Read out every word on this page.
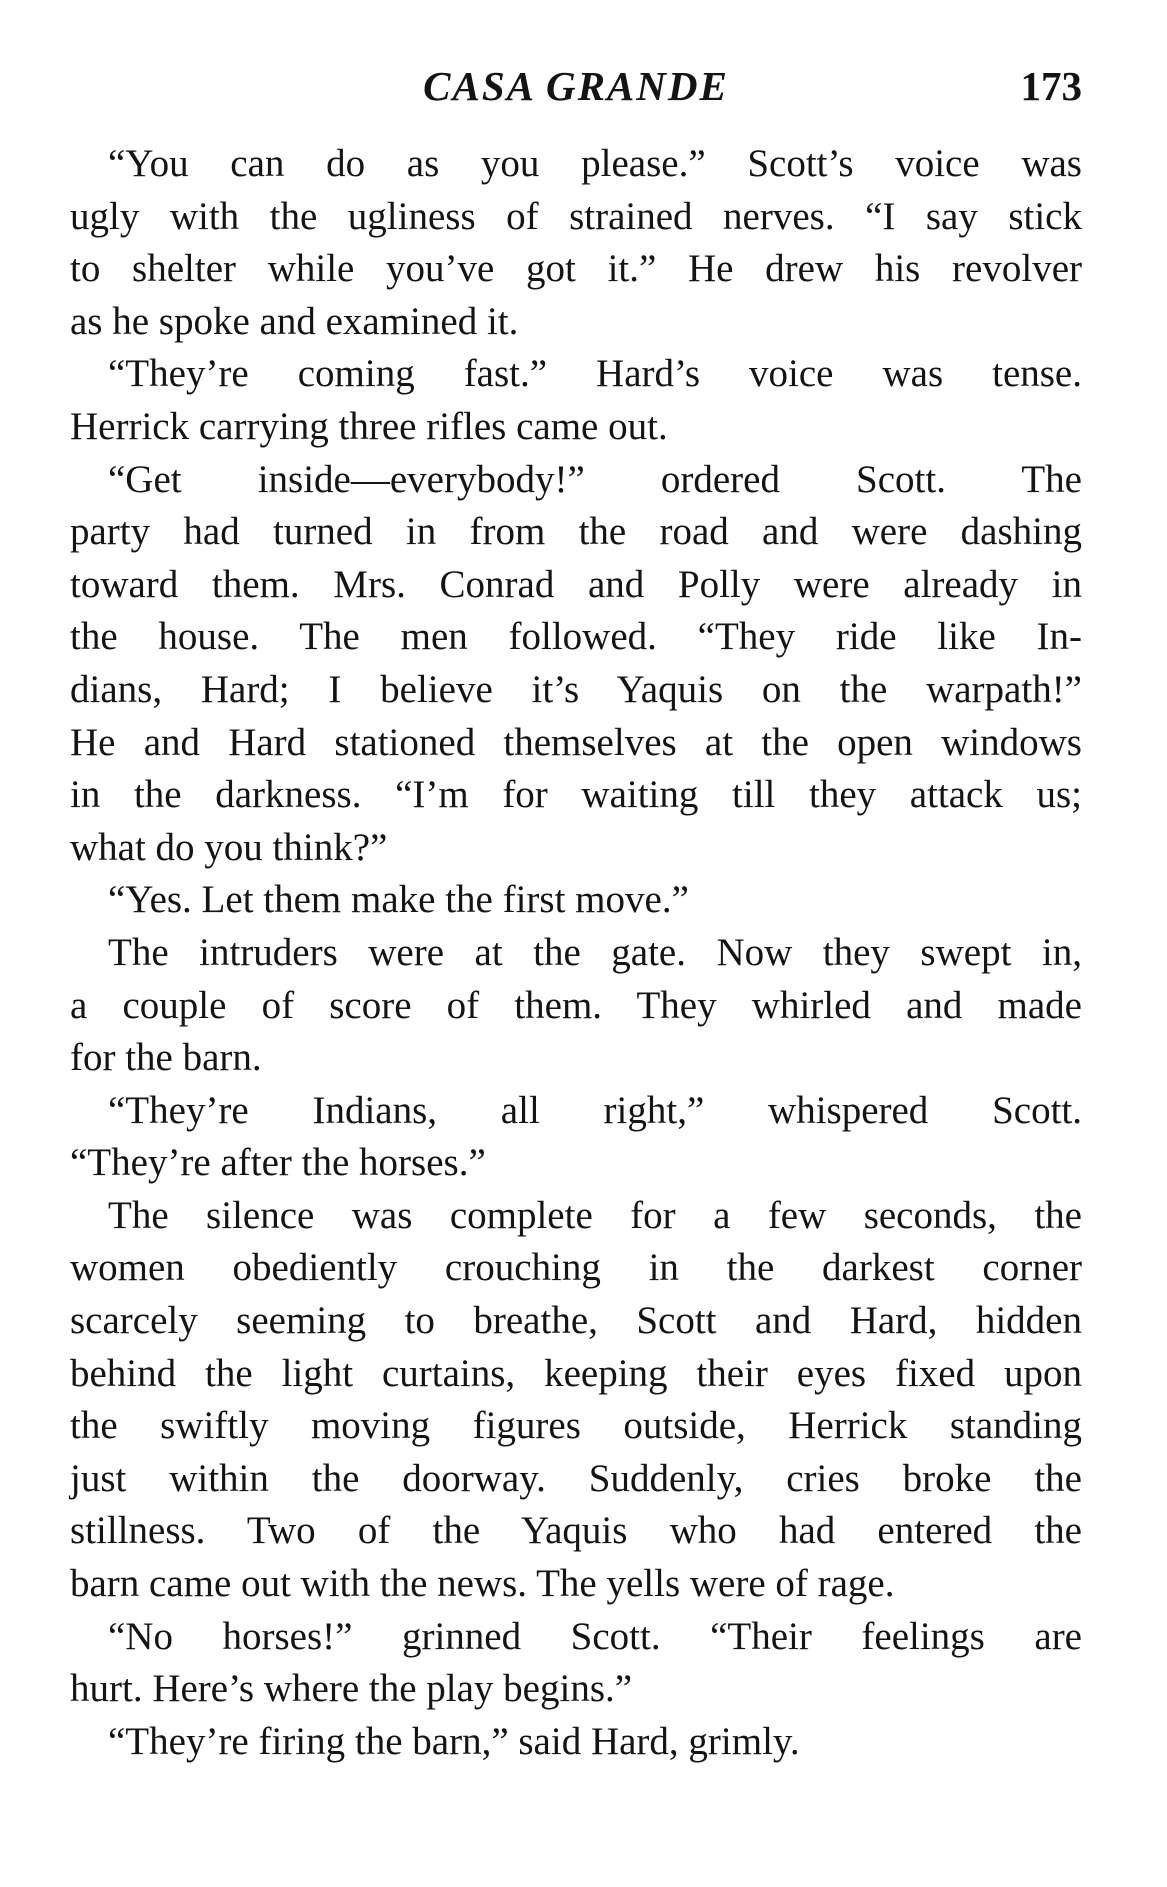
CASA GRANDE	173
“You can do as you please.” Scott’s voice was
ugly with the ugliness of strained nerves. “I say stick
to shelter while you’ve got it.” He drew his revolver
as he spoke and examined it.
“They’re coming fast.” Hard’s voice was tense.
Herrick carrying three rifles came out.
“Get inside—everybody!” ordered Scott. The
party had turned in from the road and were dashing
toward them. Mrs. Conrad and Polly were already in
the house. The men followed. “They ride like In-
dians, Hard; I believe it’s Yaquis on the warpath!”
He and Hard stationed themselves at the open windows
in the darkness. “I’m for waiting till they attack us;
what do you think?”
“Yes. Let them make the first move.”
The intruders were at the gate. Now they swept in,
a couple of score of them. They whirled and made
for the barn.
“They’re Indians, all right,” whispered Scott.
“They’re after the horses.”
The silence was complete for a few seconds, the
women obediently crouching in the darkest corner
scarcely seeming to breathe, Scott and Hard, hidden
behind the light curtains, keeping their eyes fixed upon
the swiftly moving figures outside, Herrick standing
just within the doorway. Suddenly, cries broke the
stillness. Two of the Yaquis who had entered the
barn came out with the news. The yells were of rage.
“No horses!” grinned Scott. “Their feelings are
hurt. Here’s where the play begins.”
“They’re firing the barn,” said Hard, grimly.
